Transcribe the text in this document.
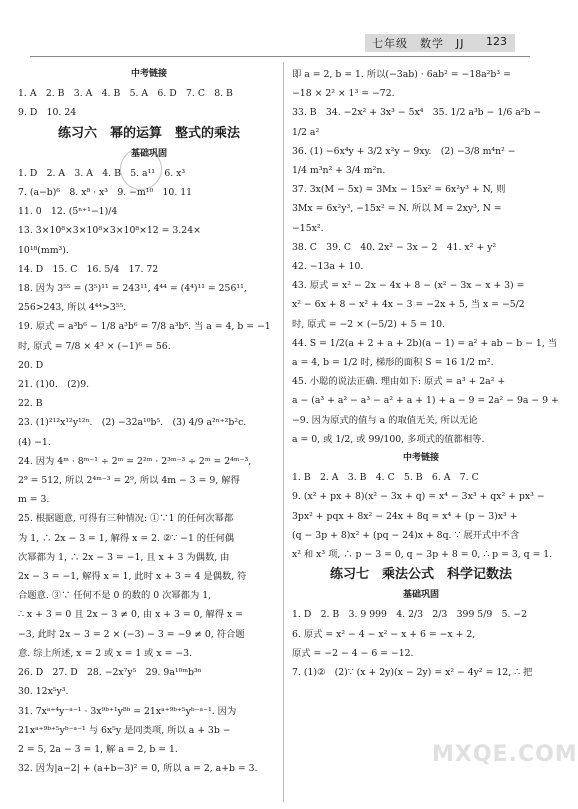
七年级　数学　JJ 123
中考链接
1. A　2. B　3. A　4. B　5. A　6. D　7. C　8. B
9. D　10. 24
练习六　幂的运算　整式的乘法
基础巩固
1. D　2. A　3. A　4. B　5. a¹¹　6. x³
7. (a−b)⁶　8. x⁸ · x³　9. −m¹⁰　10. 11
11. 0　12. (5ⁿ⁺¹−1)/4
13. 3×10⁸×3×10⁸×3×10⁸×12 = 3.24×
10¹⁸(mm³).
14. D　15. C　16. 5/4　17. 72
18. 因为 3⁵⁵ = (3⁵)¹¹ = 243¹¹, 4⁴⁴ = (4⁴)¹¹ = 256¹¹,
256>243, 所以 4⁴⁴>3⁵⁵.
19. 原式 = a³b⁶ − 1/8 a³b⁶ = 7/8 a³b⁶. 当 a = 4, b = −1
时, 原式 = 7/8 × 4³ × (−1)⁶ = 56.
20. D
21. (1)0.　(2)9.
22. B
23. (1)²¹²x¹²y¹²ⁿ.　(2) −32a¹⁰b⁵.　(3) 4/9 a²ⁿ⁺²b²c.
(4) −1.
24. 因为 4ᵐ · 8ᵐ⁻¹ ÷ 2ᵐ = 2²ᵐ · 2³ᵐ⁻³ ÷ 2ᵐ = 2⁴ᵐ⁻³,
2⁹ = 512, 所以 2⁴ᵐ⁻³ = 2⁹, 所以 4m − 3 = 9, 解得
m = 3.
25. 根据题意, 可得有三种情况: ①∵1 的任何次幂都
为 1, ∴ 2x − 3 = 1, 解得 x = 2. ②∵ −1 的任何偶
次幂都为 1, ∴ 2x − 3 = −1, 且 x + 3 为偶数, 由
2x − 3 = −1, 解得 x = 1, 此时 x + 3 = 4 是偶数, 符
合题意. ③∵ 任何不是 0 的数的 0 次幂都为 1,
∴ x + 3 = 0 且 2x − 3 ≠ 0, 由 x + 3 = 0, 解得 x =
−3, 此时 2x − 3 = 2 × (−3) − 3 = −9 ≠ 0, 符合题
意. 综上所述, x = 2 或 x = 1 或 x = −3.
26. D　27. D　28. −2x⁷y⁵　29. 9a¹⁰ᵐb³ⁿ
30. 12x⁵y³.
31. 7xᵃ⁺⁴y⁻ᵃ⁻¹ · 3x⁹ᵇ⁺¹y⁸ᵇ = 21xᵃ⁺⁹ᵇ⁺⁵yᵇ⁻ᵃ⁻¹. 因为
21xᵃ⁺⁹ᵇ⁺⁵yᵇ⁻ᵃ⁻¹ 与 6x⁵y 是同类项, 所以 a + 3b −
2 = 5, 2a − 3 = 1, 解 a = 2, b = 1.
32. 因为|a−2| + (a+b−3)² = 0, 所以 a = 2, a+b = 3.
即 a = 2, b = 1. 所以(−3ab) · 6ab² = −18a²b³ =
−18 × 2² × 1³ = −72.
33. B　34. −2x² + 3x³ − 5x⁴　35. 1/2 a³b − 1/6 a²b −
1/2 a²
36. (1) −6x⁴y + 3/2 x²y − 9xy.　(2) −3/8 m⁴n² −
1/4 m³n² + 3/4 m²n.
37. 3x(M − 5x) = 3Mx − 15x² = 6x²y³ + N, 则
3Mx = 6x²y³, −15x² = N. 所以 M = 2xy³, N =
−15x².
38. C　39. C　40. 2x² − 3x − 2　41. x² + y²
42. −13a + 10.
43. 原式 = x² − 2x − 4x + 8 − (x² − 3x − x + 3) =
x² − 6x + 8 − x² + 4x − 3 = −2x + 5, 当 x = −5/2
时, 原式 = −2 × (−5/2) + 5 = 10.
44. S = 1/2(a + 2 + a + 2b)(a − 1) = a² + ab − b − 1, 当
a = 4, b = 1/2 时, 梯形的面积 S = 16 1/2 m².
45. 小聪的说法正确. 理由如下: 原式 = a³ + 2a² +
a − (a³ + a² − a³ − a² + a + 1) + a − 9 = 2a² − 9a − 9 +
−9. 因为原式的值与 a 的取值无关, 所以无论
a = 0, 或 1/2, 或 99/100, 多项式的值都相等.
中考链接
1. B　2. A　3. B　4. C　5. B　6. A　7. C
9. (x² + px + 8)(x² − 3x + q) = x⁴ − 3x³ + qx² + px³ −
3px² + pqx + 8x² − 24x + 8q = x⁴ + (p − 3)x³ +
(q − 3p + 8)x² + (pq − 24)x + 8q. ∵ 展开式中不含
x² 和 x³ 项, ∴ p − 3 = 0, q − 3p + 8 = 0, ∴ p = 3, q = 1.
练习七　乘法公式　科学记数法
基础巩固
1. D　2. B　3. 9 999　4. 2/3　2/3　399 5/9　5. −2
6. 原式 = x² − 4 − x² − x + 6 = −x + 2,
原式 = −2 − 4 − 6 = −12.
7. (1)②　(2)∵ (x + 2y)(x − 2y) = x² − 4y² = 12, ∴ 把
MXQE.COM
